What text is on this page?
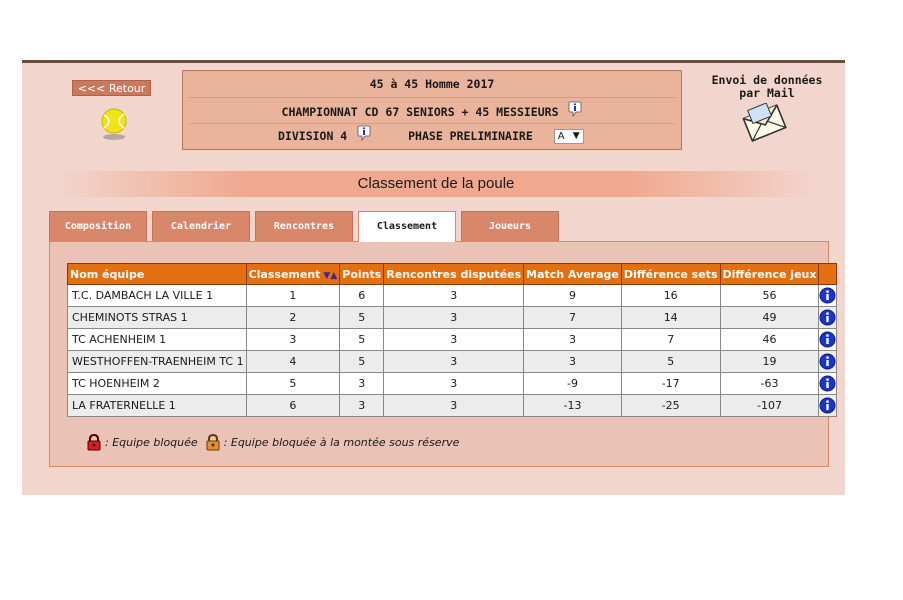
<<< Retour	45 à 45 Homme 2017
CHAMPIONNAT CD 67 SENIORS + 45 MESSIEURS
DIVISION 4	PHASE PRELIMINAIRE A ▼
Envoi de données par Mail
Classement de la poule
Composition	Calendrier	Rencontres	Classement	Joueurs
Nom équipe	Classement ▼▲	Points	Rencontres disputées	Match Average	Différence sets	Différence jeux	
T.C. DAMBACH LA VILLE 1	1	6	3	9	16	56	

CHEMINOTS STRAS 1	2	5	3	7	14	49	

TC ACHENHEIM 1	3	5	3	3	7	46	

WESTHOFFEN-TRAENHEIM TC 1	4	5	3	3	5	19	

TC HOENHEIM 2	5	3	3	-9	-17	-63	

LA FRATERNELLE 1	6	3	3	-13	-25	-107	
: Equipe bloquée : Equipe bloquée à la montée sous réserve
